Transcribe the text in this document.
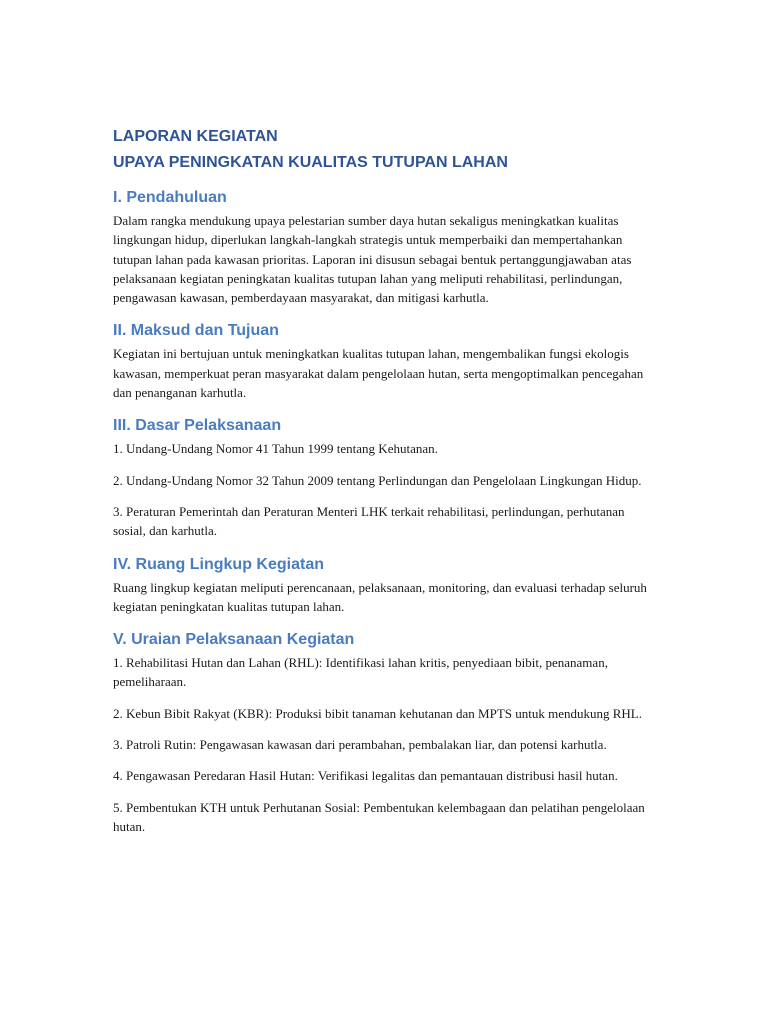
LAPORAN KEGIATAN
UPAYA PENINGKATAN KUALITAS TUTUPAN LAHAN
I. Pendahuluan

Dalam rangka mendukung upaya pelestarian sumber daya hutan sekaligus meningkatkan kualitas lingkungan hidup, diperlukan langkah-langkah strategis untuk memperbaiki dan mempertahankan tutupan lahan pada kawasan prioritas. Laporan ini disusun sebagai bentuk pertanggungjawaban atas pelaksanaan kegiatan peningkatan kualitas tutupan lahan yang meliputi rehabilitasi, perlindungan, pengawasan kawasan, pemberdayaan masyarakat, dan mitigasi karhutla.

II. Maksud dan Tujuan

Kegiatan ini bertujuan untuk meningkatkan kualitas tutupan lahan, mengembalikan fungsi ekologis kawasan, memperkuat peran masyarakat dalam pengelolaan hutan, serta mengoptimalkan pencegahan dan penanganan karhutla.

III. Dasar Pelaksanaan

1. Undang-Undang Nomor 41 Tahun 1999 tentang Kehutanan.

2. Undang-Undang Nomor 32 Tahun 2009 tentang Perlindungan dan Pengelolaan Lingkungan Hidup.

3. Peraturan Pemerintah dan Peraturan Menteri LHK terkait rehabilitasi, perlindungan, perhutanan sosial, dan karhutla.

IV. Ruang Lingkup Kegiatan

Ruang lingkup kegiatan meliputi perencanaan, pelaksanaan, monitoring, dan evaluasi terhadap seluruh kegiatan peningkatan kualitas tutupan lahan.

V. Uraian Pelaksanaan Kegiatan

1. Rehabilitasi Hutan dan Lahan (RHL): Identifikasi lahan kritis, penyediaan bibit, penanaman, pemeliharaan.

2. Kebun Bibit Rakyat (KBR): Produksi bibit tanaman kehutanan dan MPTS untuk mendukung RHL.

3. Patroli Rutin: Pengawasan kawasan dari perambahan, pembalakan liar, dan potensi karhutla.

4. Pengawasan Peredaran Hasil Hutan: Verifikasi legalitas dan pemantauan distribusi hasil hutan.

5. Pembentukan KTH untuk Perhutanan Sosial: Pembentukan kelembagaan dan pelatihan pengelolaan hutan.
